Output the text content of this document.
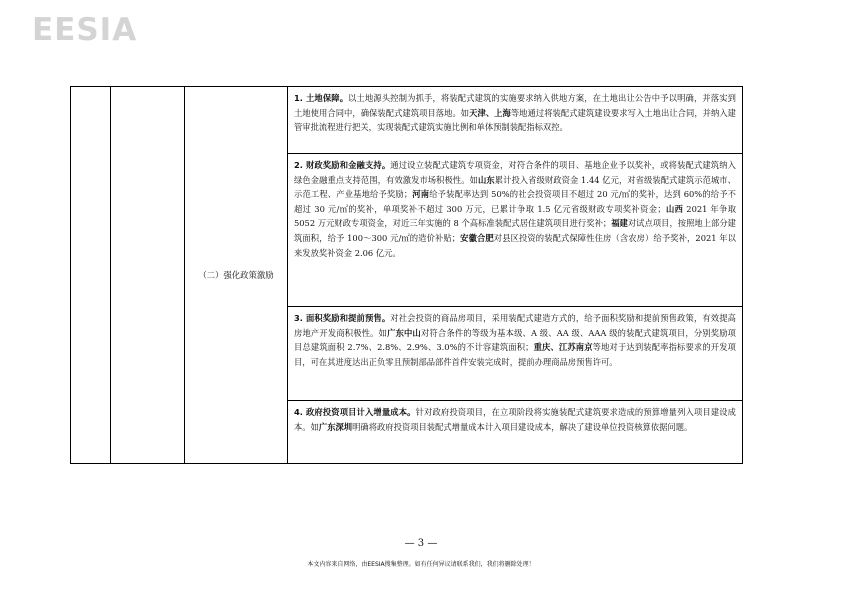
EESIA
		（二）强化政策激励	1. 土地保障。以土地源头控制为抓手，将装配式建筑的实施要求纳入供地方案，在土地出让公告中予以明确，并落实到土地使用合同中，确保装配式建筑项目落地。如天津、上海等地通过将装配式建筑建设要求写入土地出让合同，并纳入建管审批流程进行把关，实现装配式建筑实施比例和单体预制装配指标双控。
2. 财政奖励和金融支持。通过设立装配式建筑专项资金，对符合条件的项目、基地企业予以奖补，或将装配式建筑纳入绿色金融重点支持范围，有效激发市场积极性。如山东累计投入省级财政资金 1.44 亿元，对省级装配式建筑示范城市、示范工程、产业基地给予奖励；河南给予装配率达到 50%的社会投资项目不超过 20 元/㎡的奖补，达到 60%的给予不超过 30 元/㎡的奖补，单项奖补不超过 300 万元，已累计争取 1.5 亿元省级财政专项奖补资金；山西 2021 年争取 5052 万元财政专项资金，对近三年实施的 8 个高标准装配式居住建筑项目进行奖补；福建对试点项目，按照地上部分建筑面积，给予 100～300 元/㎡的造价补贴；安徽合肥对县区投资的装配式保障性住房（含农房）给予奖补，2021 年以来发放奖补资金 2.06 亿元。
3. 面积奖励和提前预售。对社会投资的商品房项目，采用装配式建造方式的，给予面积奖励和提前预售政策，有效提高房地产开发商积极性。如广东中山对符合条件的等级为基本级、A 级、AA 级、AAA 级的装配式建筑项目，分别奖励项目总建筑面积 2.7%、2.8%、2.9%、3.0%的不计容建筑面积；重庆、江苏南京等地对于达到装配率指标要求的开发项目，可在其进度达出正负零且预制部品部件首件安装完成时，提前办理商品房预售许可。
4. 政府投资项目计入增量成本。针对政府投资项目，在立项阶段将实施装配式建筑要求造成的预算增量列入项目建设成本。如广东深圳明确将政府投资项目装配式增量成本计入项目建设成本，解决了建设单位投资核算依据问题。
— 3 —
本文内容来自网络，由EESIA搜集整理。如有任何异议请联系我们，我们将删除处理！
